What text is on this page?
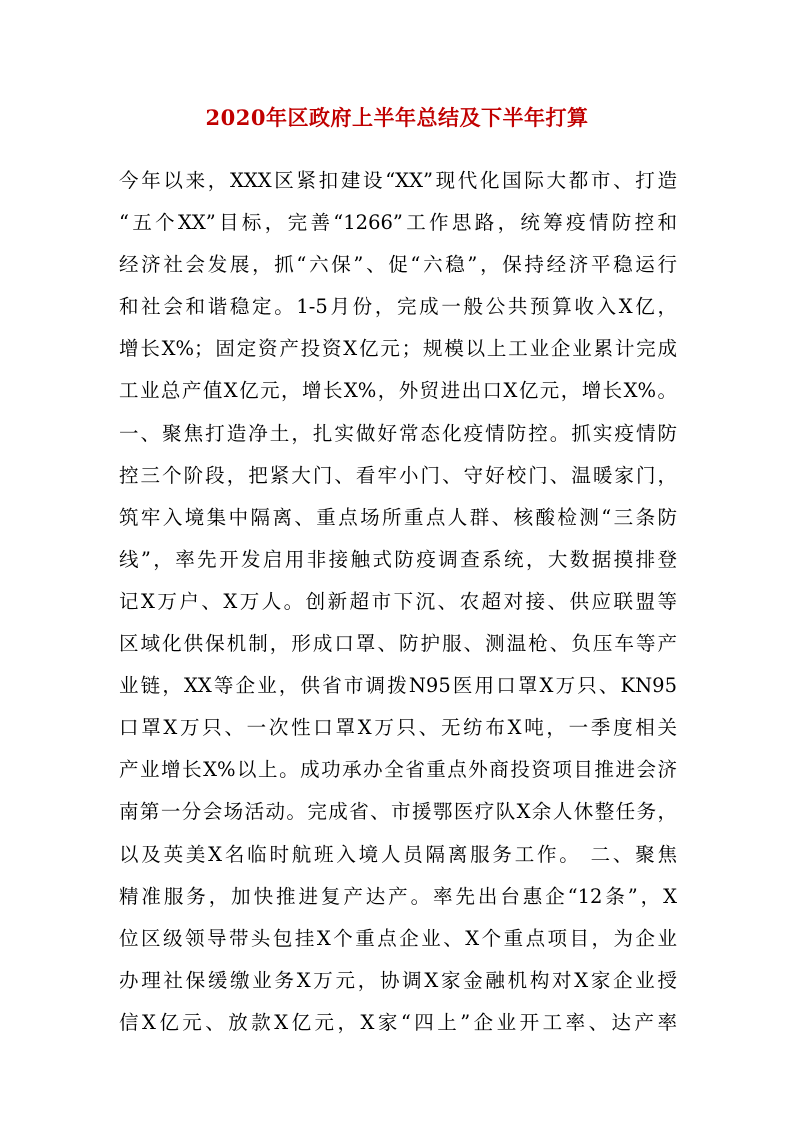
2020年区政府上半年总结及下半年打算
今年以来，XXX区紧扣建设“XX”现代化国际大都市、打造
“五个XX”目标，完善“1266”工作思路，统筹疫情防控和
经济社会发展，抓“六保”、促“六稳”，保持经济平稳运行
和社会和谐稳定。1-5月份，完成一般公共预算收入X亿，
增长X%；固定资产投资X亿元；规模以上工业企业累计完成
工业总产值X亿元，增长X%，外贸进出口X亿元，增长X%。
一、聚焦打造净土，扎实做好常态化疫情防控。抓实疫情防
控三个阶段，把紧大门、看牢小门、守好校门、温暖家门，
筑牢入境集中隔离、重点场所重点人群、核酸检测“三条防
线”，率先开发启用非接触式防疫调查系统，大数据摸排登
记X万户、X万人。创新超市下沉、农超对接、供应联盟等
区域化供保机制，形成口罩、防护服、测温枪、负压车等产
业链，XX等企业，供省市调拨N95医用口罩X万只、KN95
口罩X万只、一次性口罩X万只、无纺布X吨，一季度相关
产业增长X%以上。成功承办全省重点外商投资项目推进会济
南第一分会场活动。完成省、市援鄂医疗队X余人休整任务，
以及英美X名临时航班入境人员隔离服务工作。 二、聚焦
精准服务，加快推进复产达产。率先出台惠企“12条”，X
位区级领导带头包挂X个重点企业、X个重点项目，为企业
办理社保缓缴业务X万元，协调X家金融机构对X家企业授
信X亿元、放款X亿元，X家“四上”企业开工率、达产率
